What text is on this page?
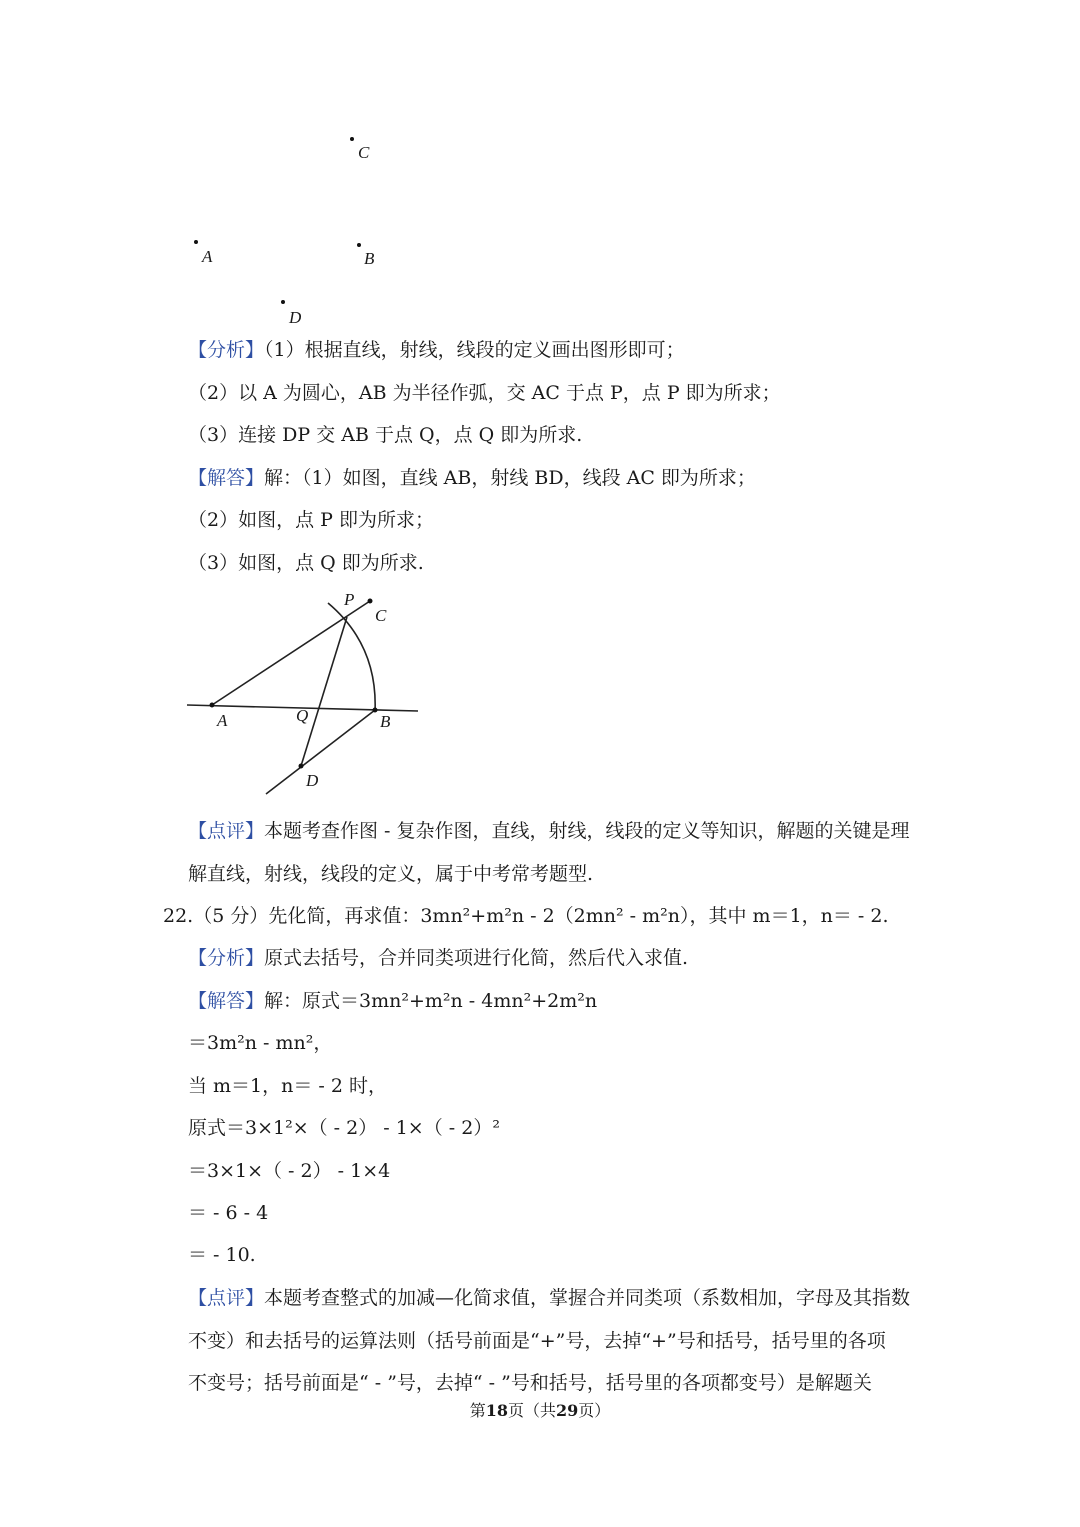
C
A	B
D
【分析】（1）根据直线，射线，线段的定义画出图形即可；
（2）以 A 为圆心，AB 为半径作弧，交 AC 于点 P，点 P 即为所求；
（3）连接 DP 交 AB 于点 Q，点 Q 即为所求.
【解答】解：（1）如图，直线 AB，射线 BD，线段 AC 即为所求；
（2）如图，点 P 即为所求；
（3）如图，点 Q 即为所求.
P
C
A	Q	B
D
【点评】本题考查作图 - 复杂作图，直线，射线，线段的定义等知识，解题的关键是理
解直线，射线，线段的定义，属于中考常考题型.
22.（5 分）先化简，再求值：3mn²+m²n - 2（2mn² - m²n），其中 m＝1，n＝ - 2.
【分析】原式去括号，合并同类项进行化简，然后代入求值.
【解答】解：原式＝3mn²+m²n - 4mn²+2m²n
＝3m²n - mn²，
当 m＝1，n＝ - 2 时，
原式＝3×1²×（ - 2） - 1×（ - 2）²
＝3×1×（ - 2） - 1×4
＝ - 6 - 4
＝ - 10.
【点评】本题考查整式的加减—化简求值，掌握合并同类项（系数相加，字母及其指数
不变）和去括号的运算法则（括号前面是“+”号，去掉“+”号和括号，括号里的各项
不变号；括号前面是“ - ”号，去掉“ - ”号和括号，括号里的各项都变号）是解题关
第18页（共29页）
